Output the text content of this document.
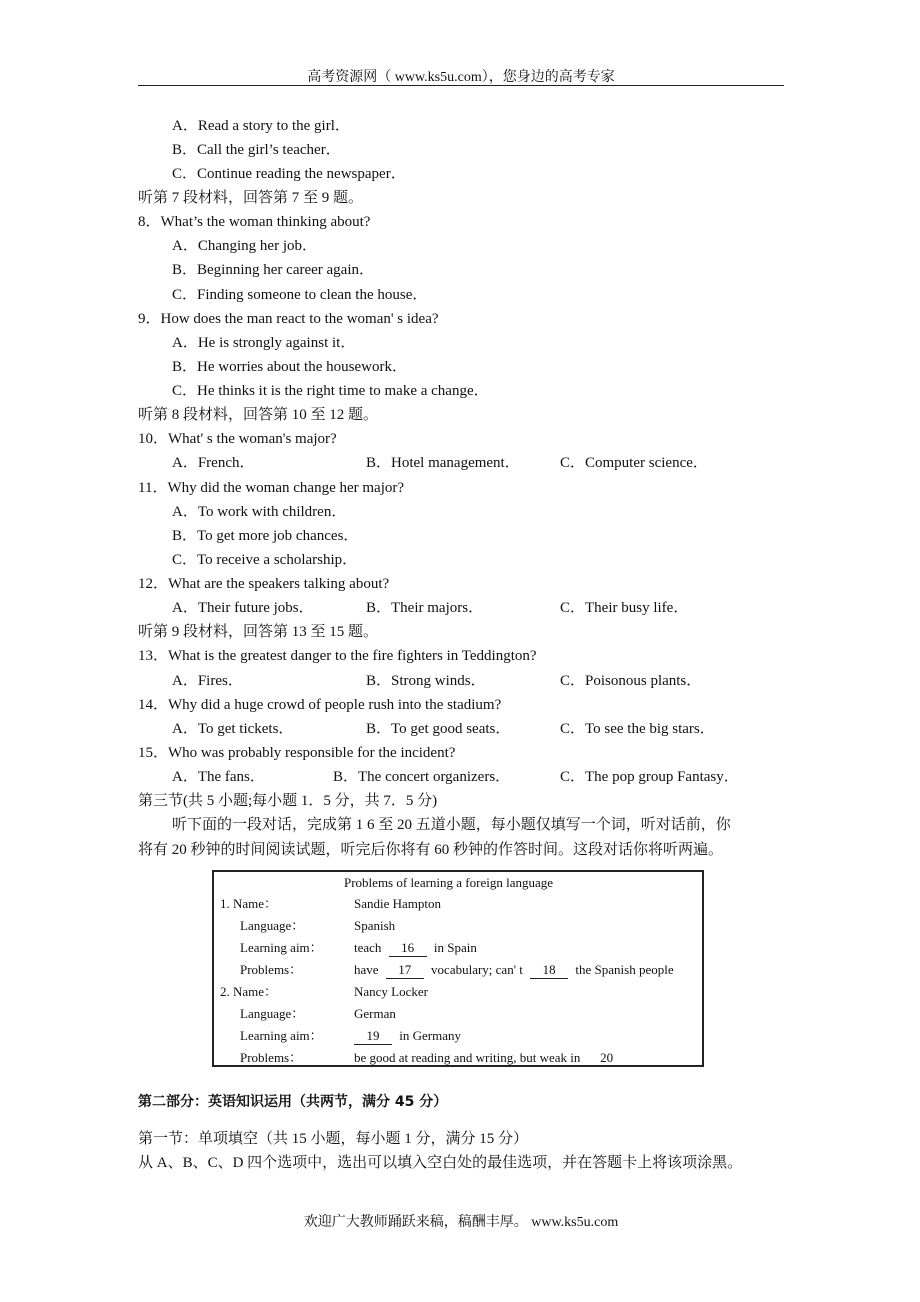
高考资源网（ www.ks5u.com），您身边的高考专家
A．Read a story to the girl．
B．Call the girl’s teacher．
C．Continue reading the newspaper．
听第 7 段材料，回答第 7 至 9 题。
8．What’s the woman thinking about?
A．Changing her job．
B．Beginning her career again．
C．Finding someone to clean the house．
9．How does the man react to the woman' s idea?
A．He is strongly against it．
B．He worries about the housework．
C．He thinks it is the right time to make a change．
听第 8 段材料，回答第 10 至 12 题。
10．What' s the woman's major?
A．French．	B．Hotel management．	C．Computer science．
11．Why did the woman change her major?
A．To work with children．
B．To get more job chances．
C．To receive a scholarship．
12．What are the speakers talking about?
A．Their future jobs．	B．Their majors．	C．Their busy life．
听第 9 段材料，回答第 13 至 15 题。
13．What is the greatest danger to the fire fighters in Teddington?
A．Fires．	B．Strong winds．	C．Poisonous plants．
14．Why did a huge crowd of people rush into the stadium?
A．To get tickets．	B．To get good seats．	C．To see the big stars．
15．Who was probably responsible for the incident?
A．The fans．	B．The concert organizers．	C．The pop group Fantasy．
第三节(共 5 小题;每小题 1．5 分，共 7．5 分)
听下面的一段对话，完成第 1 6 至 20 五道小题，每小题仅填写一个词，听对话前，你
将有 20 秒钟的时间阅读试题，听完后你将有 60 秒钟的作答时间。这段对话你将听两遍。
Problems of learning a foreign language
1. Name：	Sandie Hampton
Language：	Spanish
Learning aim： teach 16 in Spain
Problems：	have 17 vocabulary; can' t 18 the Spanish people
2. Name：	Nancy Locker
Language：	German
Learning aim：	19 in Germany
Problems：	be good at reading and writing, but weak in 20
第二部分：英语知识运用（共两节，满分 45 分）
第一节：单项填空（共 15 小题，每小题 1 分，满分 15 分）
从 A、B、C、D 四个选项中，选出可以填入空白处的最佳选项，并在答题卡上将该项涂黑。
欢迎广大教师踊跃来稿，稿酬丰厚。 www.ks5u.com
